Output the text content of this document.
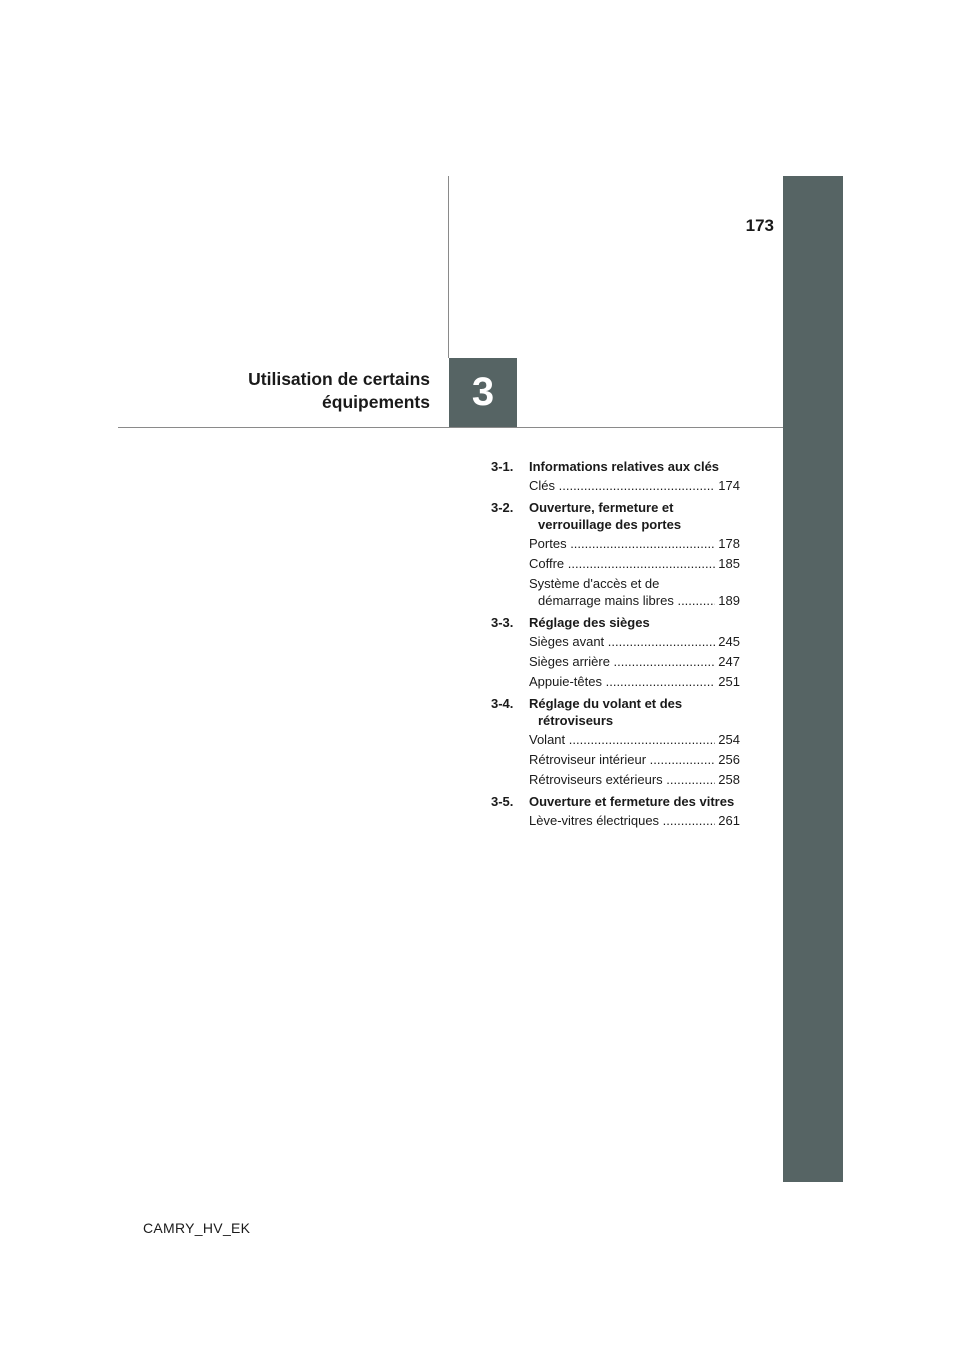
173
Utilisation de certains
équipements	3
3-1.	Informations relatives aux clés
Clés .....	174
3-2.	Ouverture, fermeture et verrouillage des portes
Portes .....	178
Coffre .....	185
Système d'accès et de
démarrage mains libres .....	189
3-3.	Réglage des sièges
Sièges avant .....	245
Sièges arrière .....	247
Appuie-têtes .....	251
3-4.	Réglage du volant et des rétroviseurs
Volant .....	254
Rétroviseur intérieur .....	256
Rétroviseurs extérieurs .....	258
3-5.	Ouverture et fermeture des vitres
Lève-vitres électriques .....	261
CAMRY_HV_EK
